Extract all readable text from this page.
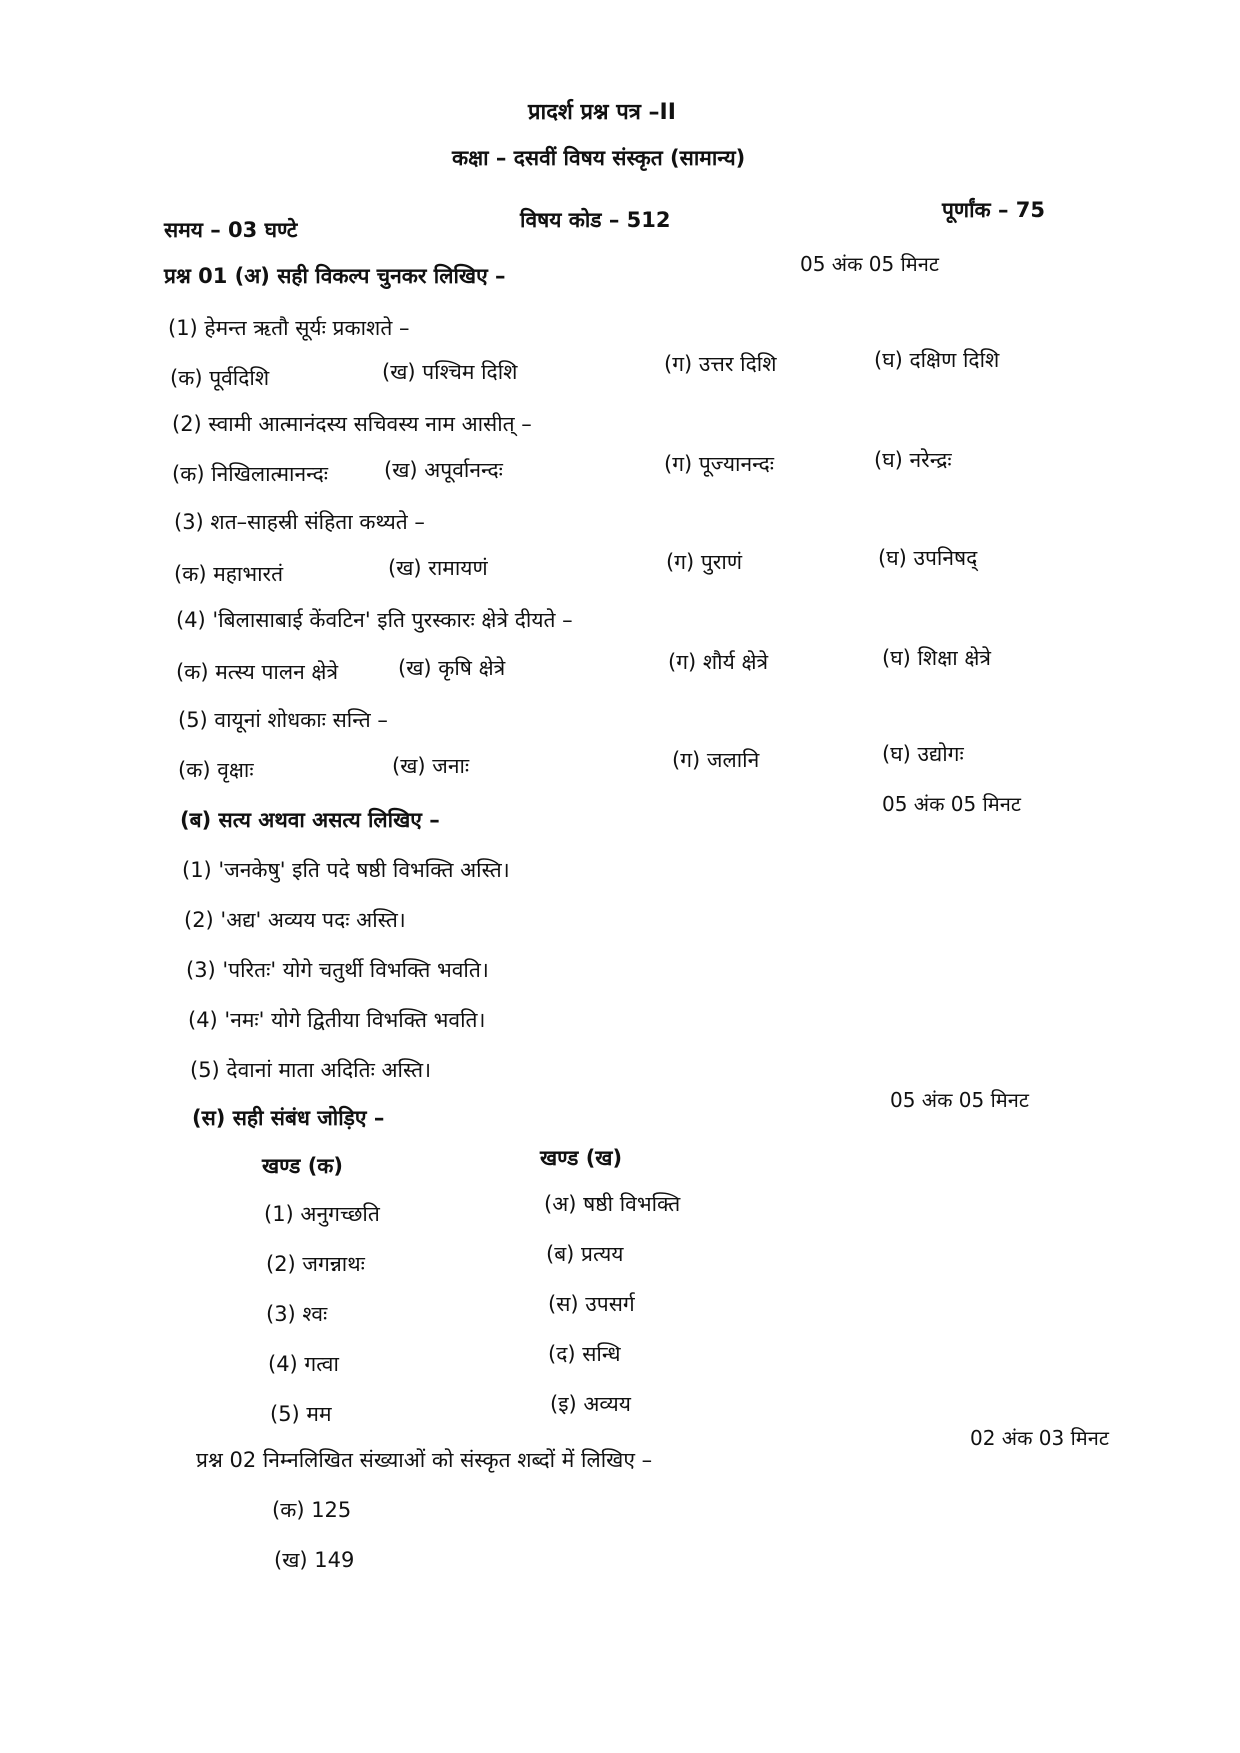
प्रादर्श प्रश्न पत्र –II
कक्षा – दसवीं विषय संस्कृत (सामान्य)
समय – 03 घण्टे	विषय कोड – 512	पूर्णांक – 75
प्रश्न 01 (अ) सही विकल्प चुनकर लिखिए –	05 अंक 05 मिनट
(1) हेमन्त ऋतौ सूर्यः प्रकाशते –
(क) पूर्वदिशि	(ख) पश्चिम दिशि	(ग) उत्तर दिशि	(घ) दक्षिण दिशि
(2) स्वामी आत्मानंदस्य सचिवस्य नाम आसीत् –
(क) निखिलात्मानन्दः	(ख) अपूर्वानन्दः	(ग) पूज्यानन्दः	(घ) नरेन्द्रः
(3) शत–साहस्री संहिता कथ्यते –
(क) महाभारतं	(ख) रामायणं	(ग) पुराणं	(घ) उपनिषद्
(4) 'बिलासाबाई केंवटिन' इति पुरस्कारः क्षेत्रे दीयते –
(क) मत्स्य पालन क्षेत्रे	(ख) कृषि क्षेत्रे	(ग) शौर्य क्षेत्रे	(घ) शिक्षा क्षेत्रे
(5) वायूनां शोधकाः सन्ति –
(क) वृक्षाः	(ख) जनाः	(ग) जलानि	(घ) उद्योगः
(ब) सत्य अथवा असत्य लिखिए –
05 अंक 05 मिनट
(1) 'जनकेषु' इति पदे षष्ठी विभक्ति अस्ति।
(2) 'अद्य' अव्यय पदः अस्ति।
(3) 'परितः' योगे चतुर्थी विभक्ति भवति।
(4) 'नमः' योगे द्वितीया विभक्ति भवति।
(5) देवानां माता अदितिः अस्ति।
(स) सही संबंध जोड़िए –
05 अंक 05 मिनट
खण्ड (क)	खण्ड (ख)
(1) अनुगच्छति	(अ) षष्ठी विभक्ति
(2) जगन्नाथः	(ब) प्रत्यय
(3) श्वः	(स) उपसर्ग
(4) गत्वा	(द) सन्धि
(5) मम	(इ) अव्यय
प्रश्न 02 निम्नलिखित संख्याओं को संस्कृत शब्दों में लिखिए –
02 अंक 03 मिनट
(क) 125
(ख) 149
